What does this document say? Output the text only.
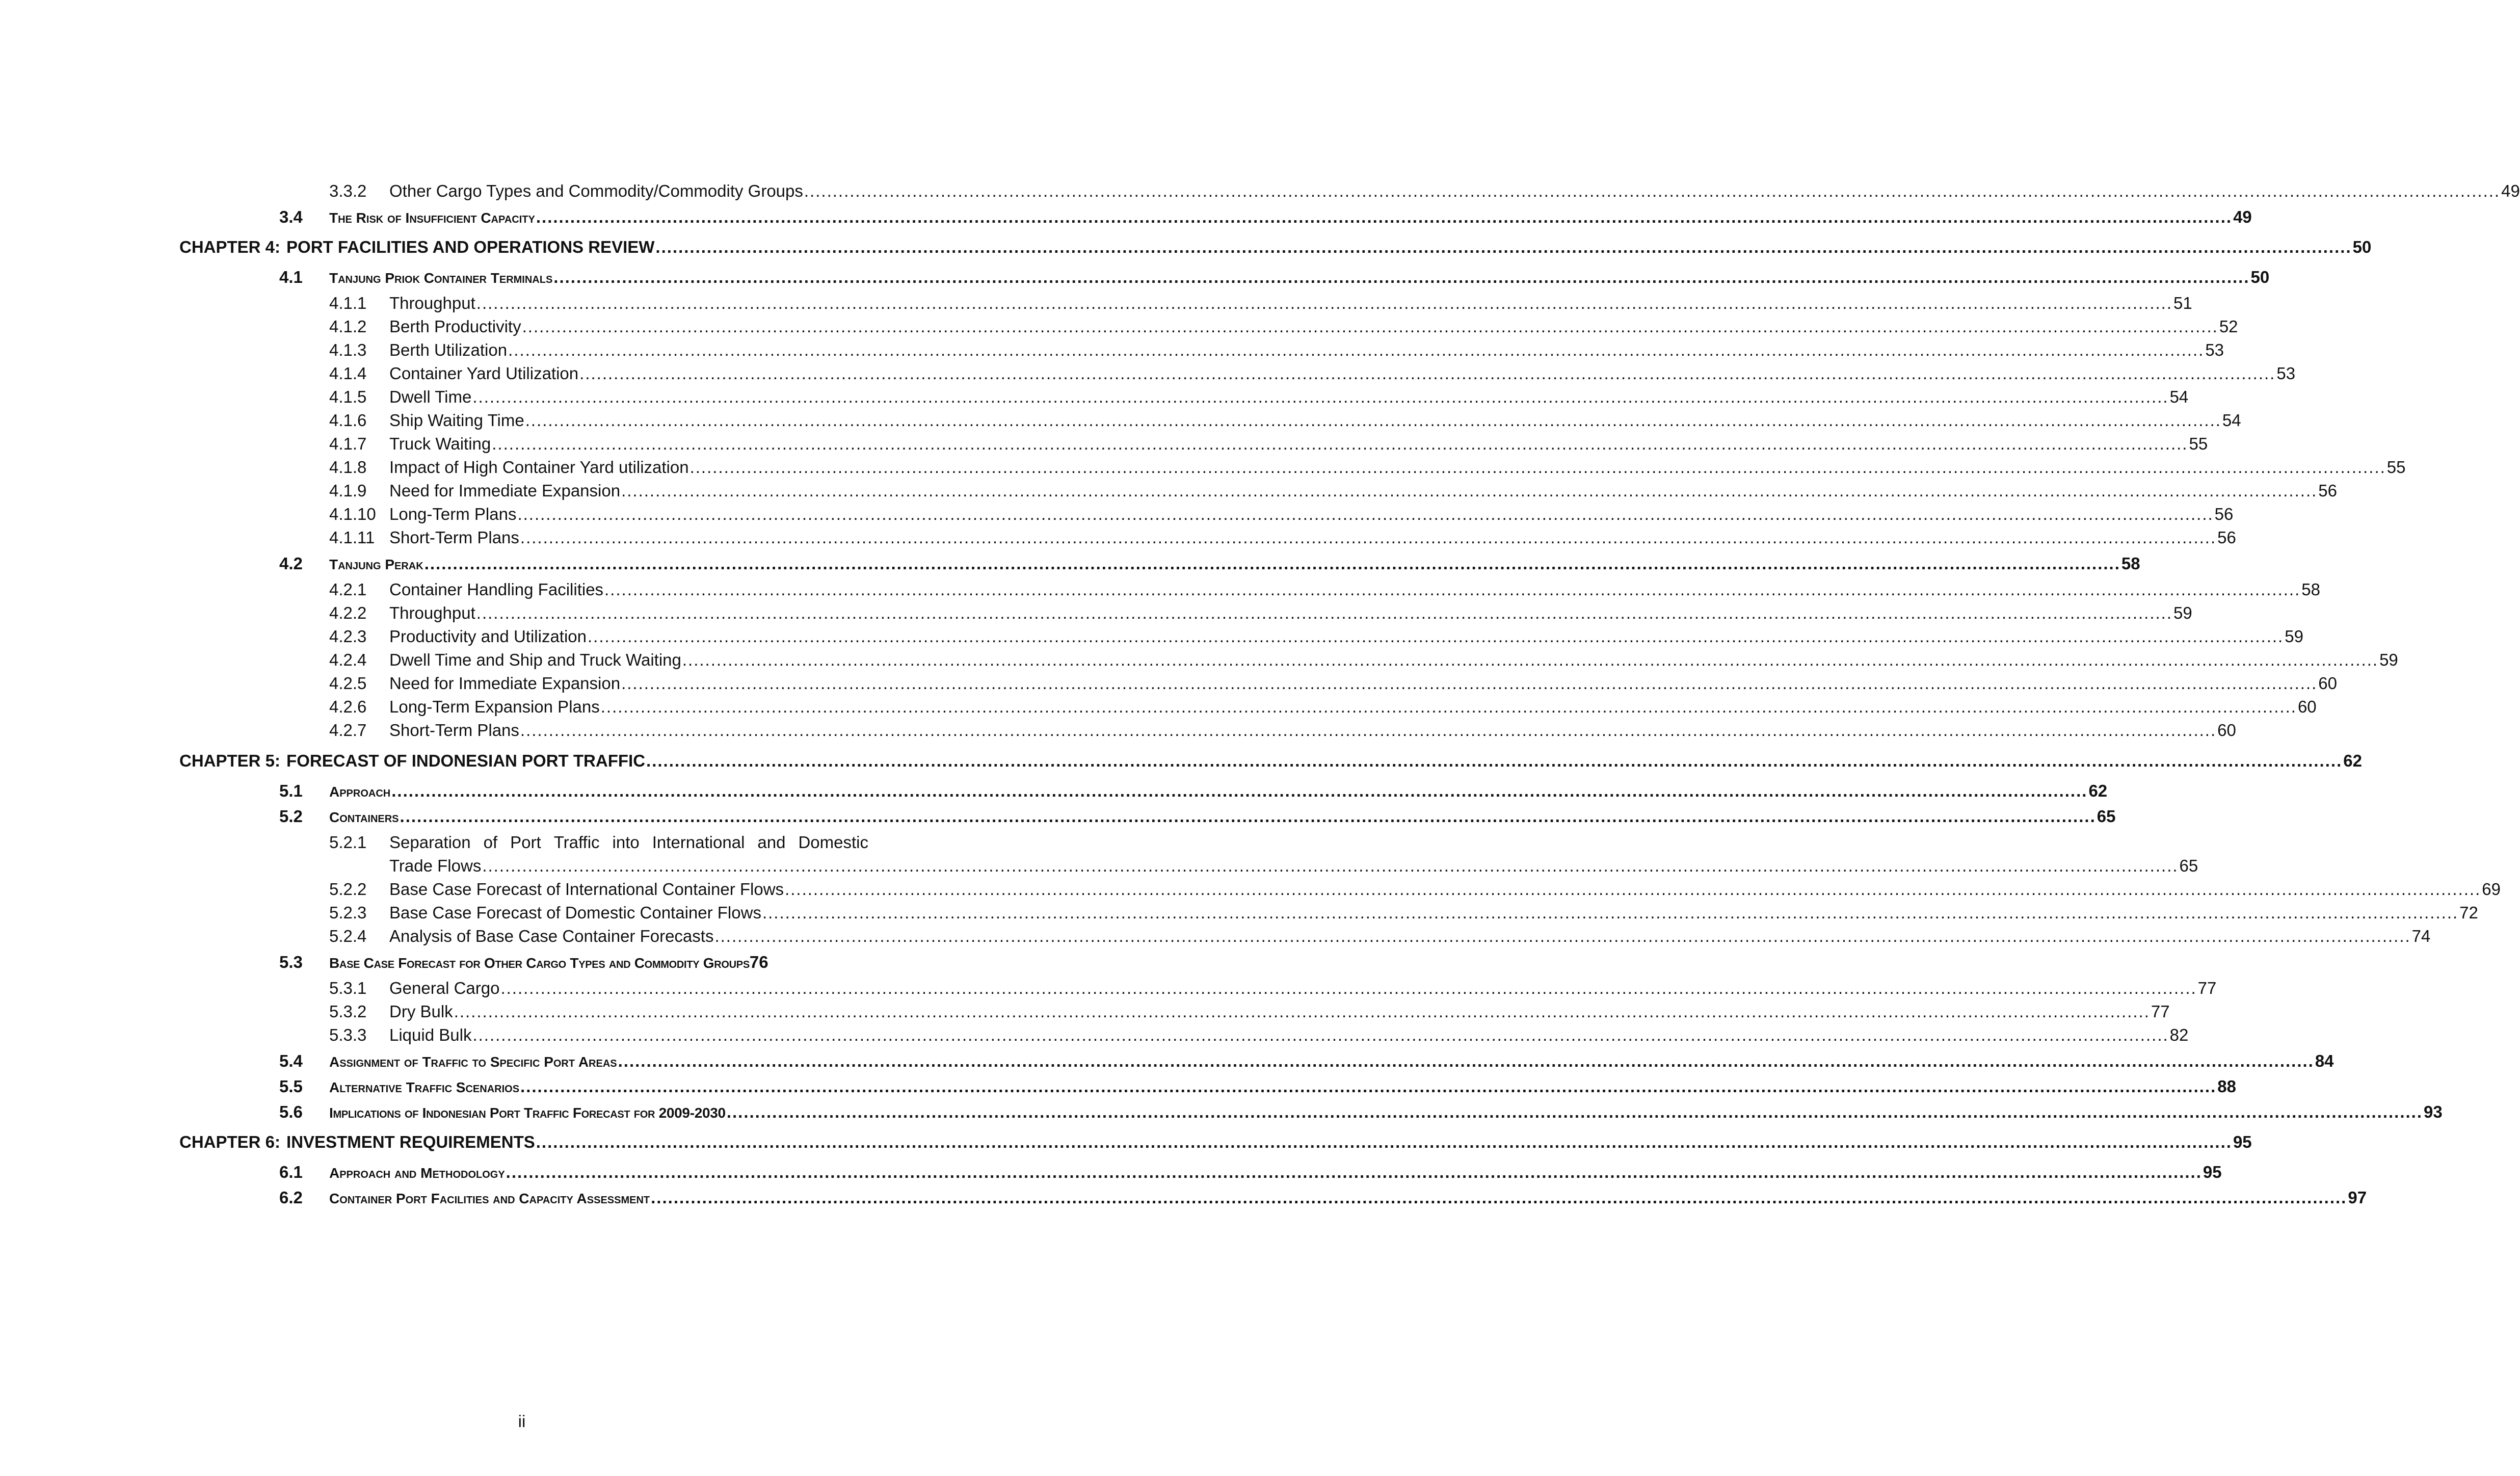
3.3.2	Other Cargo Types and Commodity/Commodity Groups .....	49
3.4	The Risk of Insufficient Capacity .....	49
CHAPTER 4: PORT FACILITIES AND OPERATIONS REVIEW .....	50
4.1	Tanjung Priok Container Terminals .....	50
4.1.1	Throughput .....	51
4.1.2	Berth Productivity .....	52
4.1.3	Berth Utilization .....	53
4.1.4	Container Yard Utilization .....	53
4.1.5	Dwell Time .....	54
4.1.6	Ship Waiting Time .....	54
4.1.7	Truck Waiting .....	55
4.1.8	Impact of High Container Yard utilization .....	55
4.1.9	Need for Immediate Expansion .....	56
4.1.10 Long-Term Plans .....	56
4.1.11 Short-Term Plans .....	56
4.2	Tanjung Perak .....	58
4.2.1	Container Handling Facilities .....	58
4.2.2	Throughput .....	59
4.2.3	Productivity and Utilization .....	59
4.2.4	Dwell Time and Ship and Truck Waiting .....	59
4.2.5	Need for Immediate Expansion .....	60
4.2.6	Long-Term Expansion Plans .....	60
4.2.7	Short-Term Plans .....	60
CHAPTER 5: FORECAST OF INDONESIAN PORT TRAFFIC .....	62
5.1	Approach .....	62
5.2	Containers .....	65
5.2.1	Separation of Port Traffic into International and Domestic
Trade Flows .....	65
5.2.2	Base Case Forecast of International Container Flows .....	69
5.2.3	Base Case Forecast of Domestic Container Flows .....	72
5.2.4	Analysis of Base Case Container Forecasts .....	74
5.3	Base Case Forecast for Other Cargo Types and Commodity Groups 76
5.3.1	General Cargo .....	77
5.3.2	Dry Bulk .....	77
5.3.3	Liquid Bulk .....	82
5.4	Assignment of Traffic to Specific Port Areas .....	84
5.5	Alternative Traffic Scenarios .....	88
5.6	Implications of Indonesian Port Traffic Forecast for 2009-2030 .....	93
CHAPTER 6: INVESTMENT REQUIREMENTS .....	95
6.1	Approach and Methodology .....	95
6.2	Container Port Facilities and Capacity Assessment .....	97
ii
